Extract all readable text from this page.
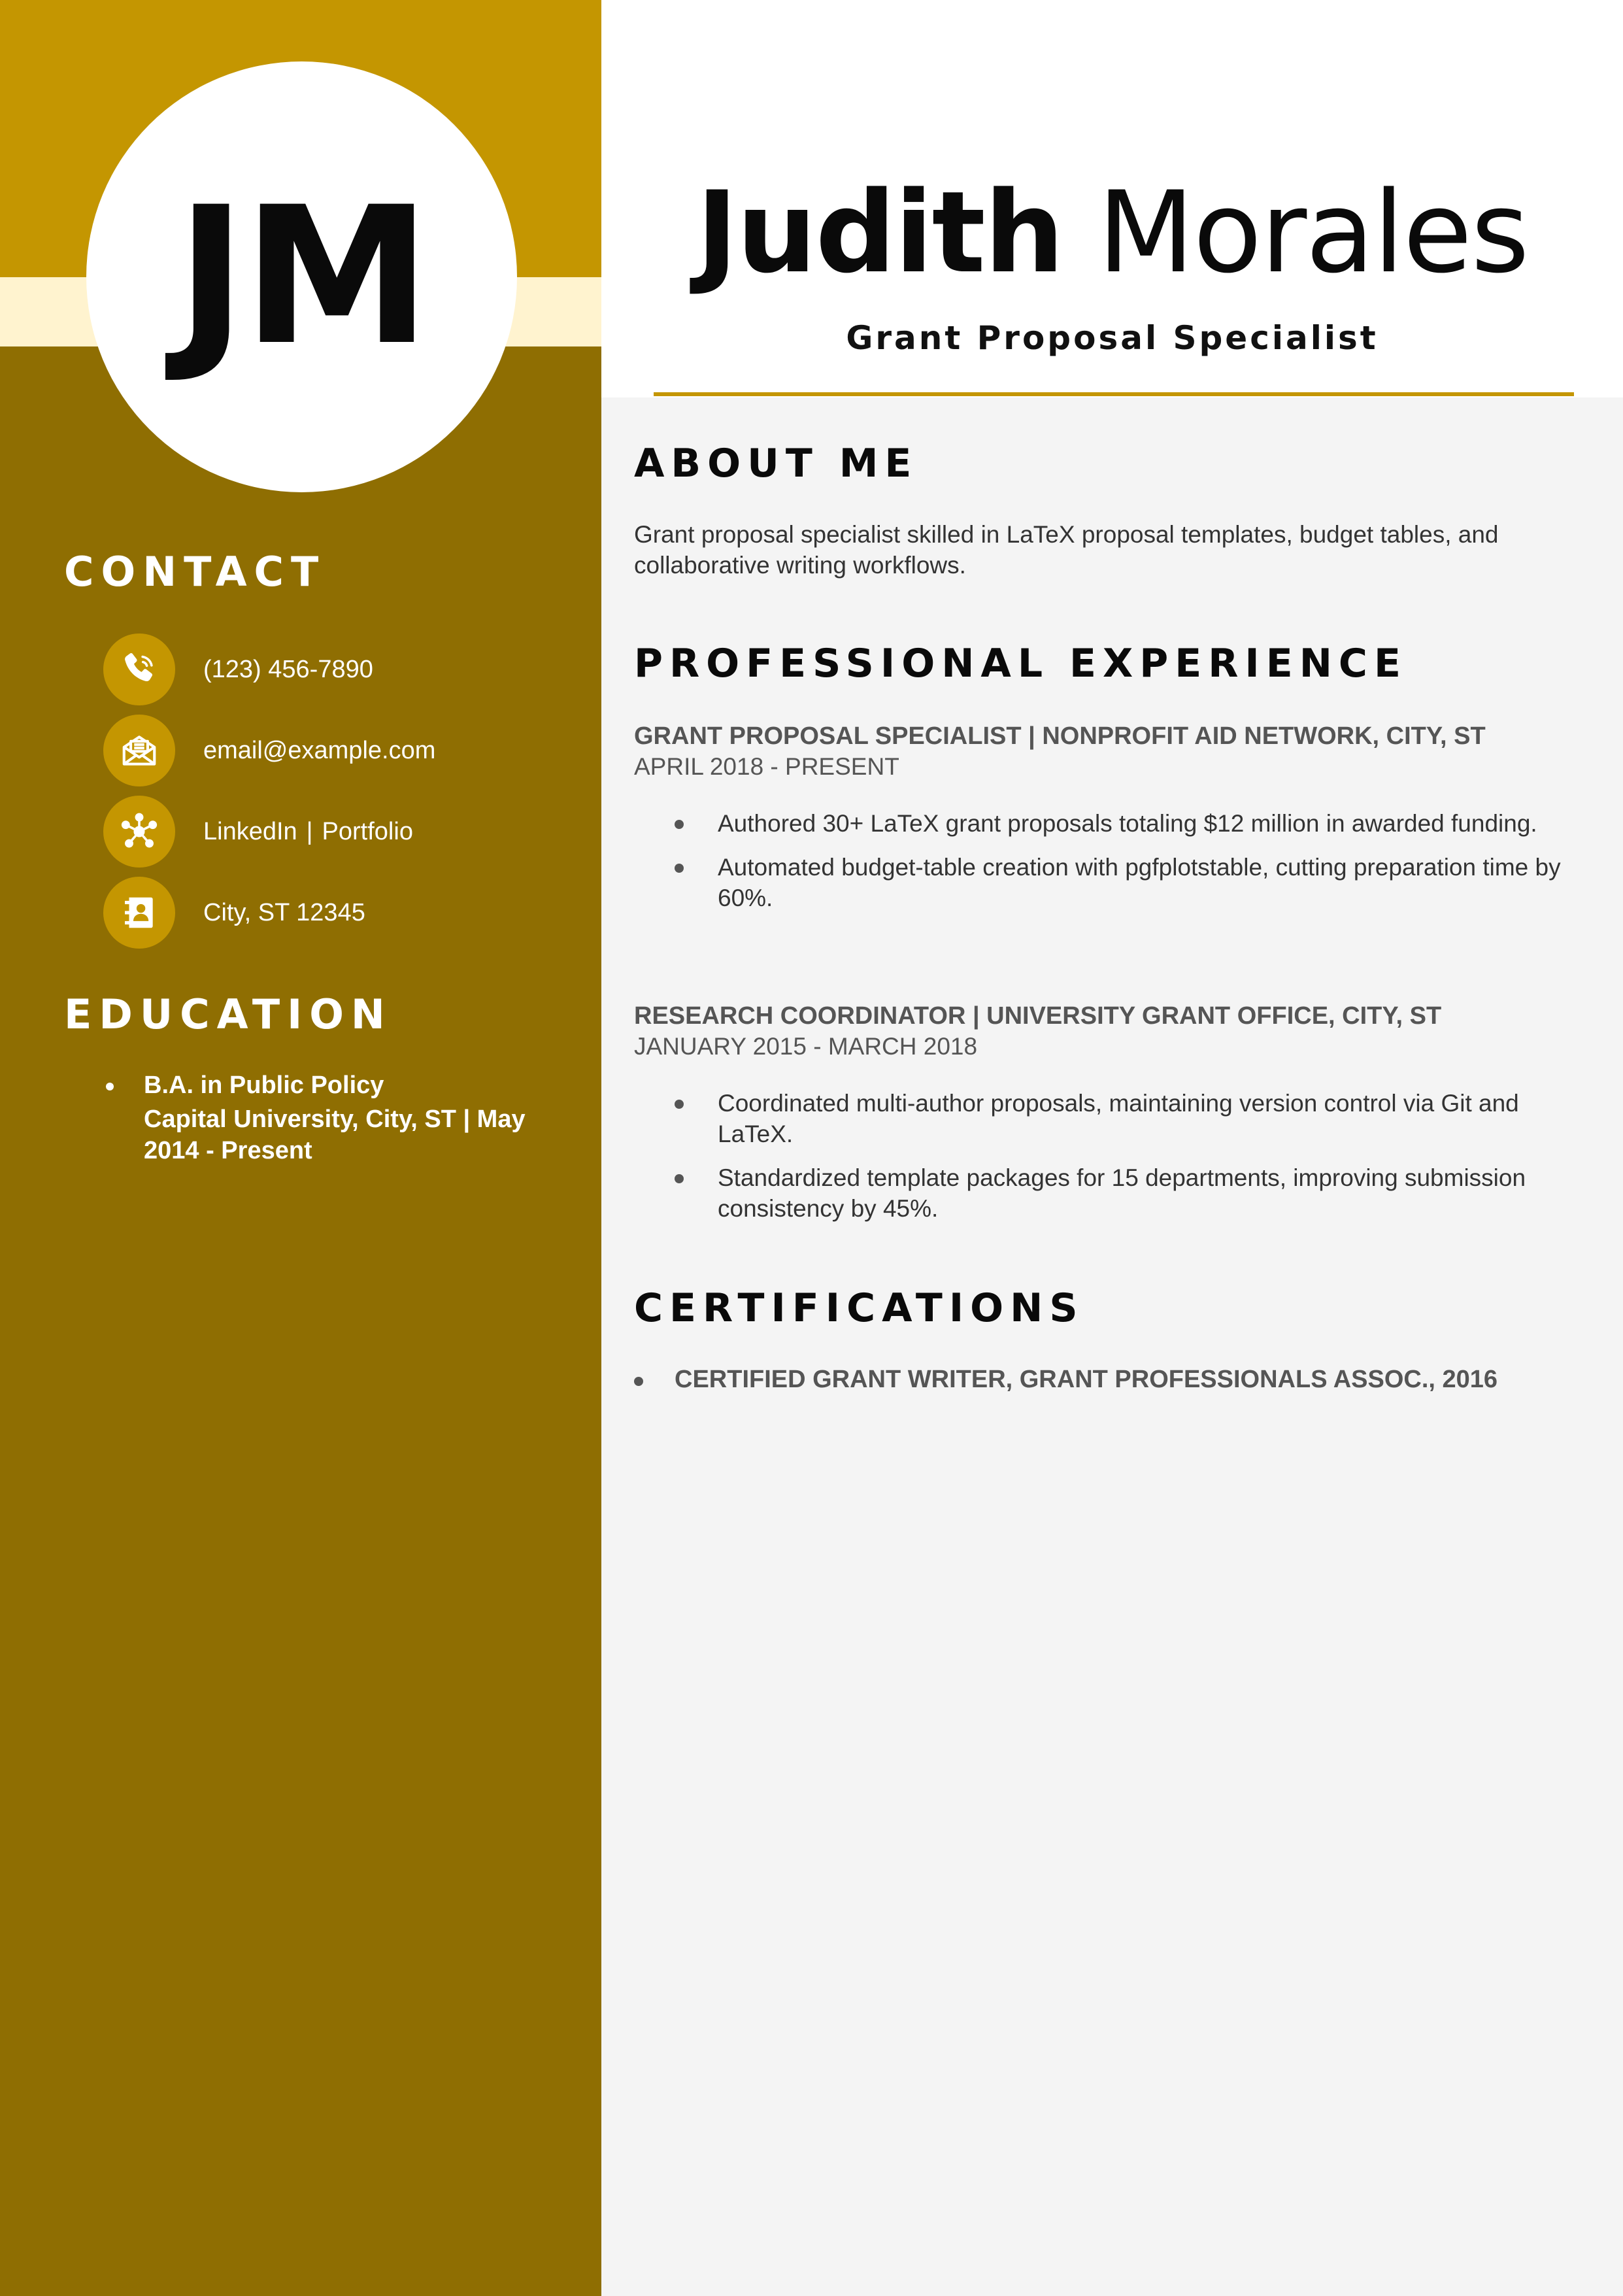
JM
CONTACT
(123) 456-7890
email@example.com
LinkedIn | Portfolio
City, ST 12345
EDUCATION
B.A. in Public Policy
Capital University, City, ST | May
2014 - Present
Judith Morales
Grant Proposal Specialist
ABOUT ME

Grant proposal specialist skilled in LaTeX proposal templates, budget tables, and collaborative writing workflows.

PROFESSIONAL EXPERIENCE
GRANT PROPOSAL SPECIALIST | NONPROFIT AID NETWORK, CITY, ST
APRIL 2018 - PRESENT
Authored 30+ LaTeX grant proposals totaling $12 million in awarded funding.
Automated budget-table creation with pgfplotstable, cutting preparation time by 60%.
RESEARCH COORDINATOR | UNIVERSITY GRANT OFFICE, CITY, ST
JANUARY 2015 - MARCH 2018
Coordinated multi-author proposals, maintaining version control via Git and LaTeX.
Standardized template packages for 15 departments, improving submission consistency by 45%.
CERTIFICATIONS
CERTIFIED GRANT WRITER, GRANT PROFESSIONALS ASSOC., 2016
